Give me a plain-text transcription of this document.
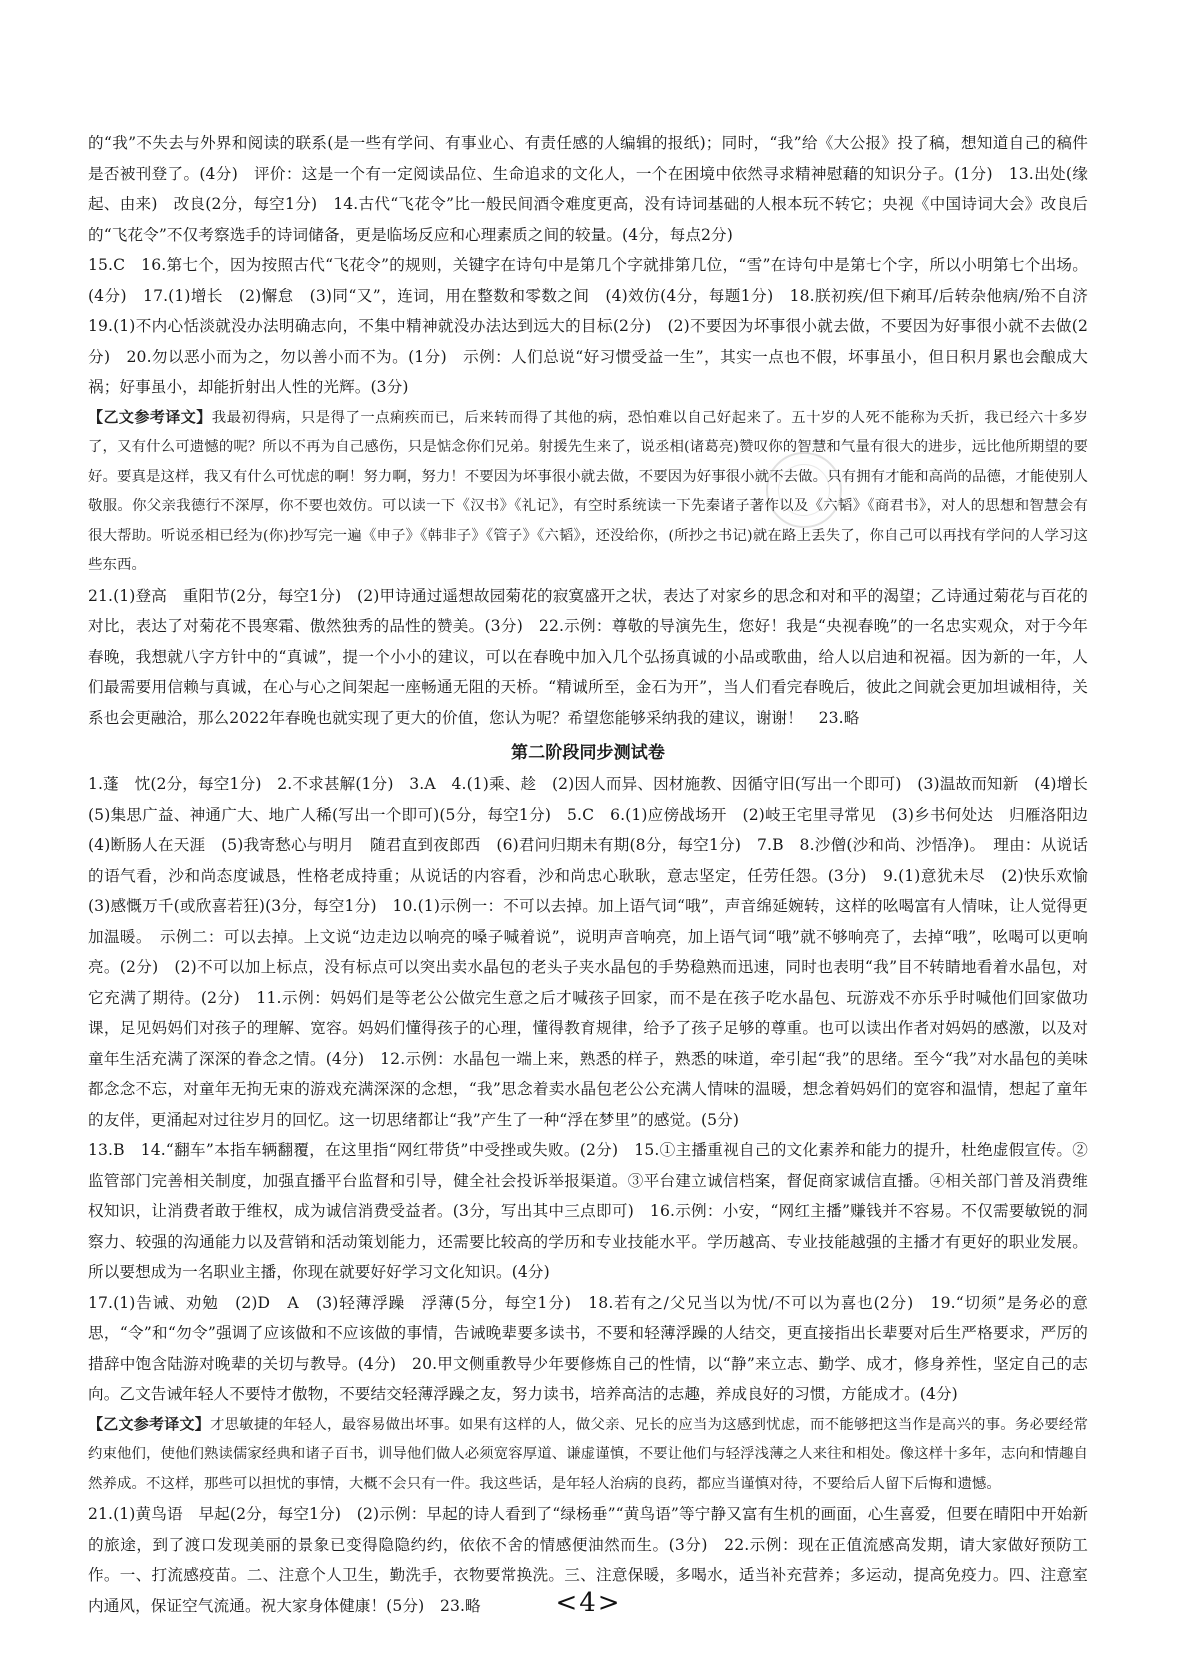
的“我”不失去与外界和阅读的联系(是一些有学问、有事业心、有责任感的人编辑的报纸)；同时，“我”给《大公报》投了稿，想知道自己的稿件是否被刊登了。(4分)　评价：这是一个有一定阅读品位、生命追求的文化人，一个在困境中依然寻求精神慰藉的知识分子。(1分)　13.出处(缘起、由来)　改良(2分，每空1分)　14.古代“飞花令”比一般民间酒令难度更高，没有诗词基础的人根本玩不转它；央视《中国诗词大会》改良后的“飞花令”不仅考察选手的诗词储备，更是临场反应和心理素质之间的较量。(4分，每点2分)

15.C　16.第七个，因为按照古代“飞花令”的规则，关键字在诗句中是第几个字就排第几位，“雪”在诗句中是第七个字，所以小明第七个出场。(4分)　17.(1)增长　(2)懈怠　(3)同“又”，连词，用在整数和零数之间　(4)效仿(4分，每题1分)　18.朕初疾/但下痢耳/后转杂他病/殆不自济　19.(1)不内心恬淡就没办法明确志向，不集中精神就没办法达到远大的目标(2分)　(2)不要因为坏事很小就去做，不要因为好事很小就不去做(2分)　20.勿以恶小而为之，勿以善小而不为。(1分)　示例：人们总说“好习惯受益一生”，其实一点也不假，坏事虽小，但日积月累也会酿成大祸；好事虽小，却能折射出人性的光辉。(3分)

【乙文参考译文】我最初得病，只是得了一点痢疾而已，后来转而得了其他的病，恐怕难以自己好起来了。五十岁的人死不能称为夭折，我已经六十多岁了，又有什么可遗憾的呢？所以不再为自己感伤，只是惦念你们兄弟。射援先生来了，说丞相(诸葛亮)赞叹你的智慧和气量有很大的进步，远比他所期望的要好。要真是这样，我又有什么可忧虑的啊！努力啊，努力！不要因为坏事很小就去做，不要因为好事很小就不去做。只有拥有才能和高尚的品德，才能使别人敬服。你父亲我德行不深厚，你不要也效仿。可以读一下《汉书》《礼记》，有空时系统读一下先秦诸子著作以及《六韬》《商君书》，对人的思想和智慧会有很大帮助。听说丞相已经为(你)抄写完一遍《申子》《韩非子》《管子》《六韬》，还没给你，(所抄之书记)就在路上丢失了，你自己可以再找有学问的人学习这些东西。

21.(1)登高　重阳节(2分，每空1分)　(2)甲诗通过遥想故园菊花的寂寞盛开之状，表达了对家乡的思念和对和平的渴望；乙诗通过菊花与百花的对比，表达了对菊花不畏寒霜、傲然独秀的品性的赞美。(3分)　22.示例：尊敬的导演先生，您好！我是“央视春晚”的一名忠实观众，对于今年春晚，我想就八字方针中的“真诚”，提一个小小的建议，可以在春晚中加入几个弘扬真诚的小品或歌曲，给人以启迪和祝福。因为新的一年，人们最需要用信赖与真诚，在心与心之间架起一座畅通无阻的天桥。“精诚所至，金石为开”，当人们看完春晚后，彼此之间就会更加坦诚相待，关系也会更融洽，那么2022年春晚也就实现了更大的价值，您认为呢？希望您能够采纳我的建议，谢谢！　23.略

第二阶段同步测试卷

1.蓬　忱(2分，每空1分)　2.不求甚解(1分)　3.A　4.(1)乘、趁　(2)因人而异、因材施教、因循守旧(写出一个即可)　(3)温故而知新　(4)增长　(5)集思广益、神通广大、地广人稀(写出一个即可)(5分，每空1分)　5.C　6.(1)应傍战场开　(2)岐王宅里寻常见　(3)乡书何处达　归雁洛阳边　(4)断肠人在天涯　(5)我寄愁心与明月　随君直到夜郎西　(6)君问归期未有期(8分，每空1分)　7.B　8.沙僧(沙和尚、沙悟净)。　理由：从说话的语气看，沙和尚态度诚恳，性格老成持重；从说话的内容看，沙和尚忠心耿耿，意志坚定，任劳任怨。(3分)　9.(1)意犹未尽　(2)快乐欢愉　(3)感慨万千(或欣喜若狂)(3分，每空1分)　10.(1)示例一：不可以去掉。加上语气词“哦”，声音绵延婉转，这样的吆喝富有人情味，让人觉得更加温暖。　示例二：可以去掉。上文说“边走边以响亮的嗓子喊着说”，说明声音响亮，加上语气词“哦”就不够响亮了，去掉“哦”，吆喝可以更响亮。(2分)　(2)不可以加上标点，没有标点可以突出卖水晶包的老头子夹水晶包的手势稳熟而迅速，同时也表明“我”目不转睛地看着水晶包，对它充满了期待。(2分)　11.示例：妈妈们是等老公公做完生意之后才喊孩子回家，而不是在孩子吃水晶包、玩游戏不亦乐乎时喊他们回家做功课，足见妈妈们对孩子的理解、宽容。妈妈们懂得孩子的心理，懂得教育规律，给予了孩子足够的尊重。也可以读出作者对妈妈的感激，以及对童年生活充满了深深的眷念之情。(4分)　12.示例：水晶包一端上来，熟悉的样子，熟悉的味道，牵引起“我”的思绪。至今“我”对水晶包的美味都念念不忘，对童年无拘无束的游戏充满深深的念想，“我”思念着卖水晶包老公公充满人情味的温暖，想念着妈妈们的宽容和温情，想起了童年的友伴，更涌起对过往岁月的回忆。这一切思绪都让“我”产生了一种“浮在梦里”的感觉。(5分)

13.B　14.“翻车”本指车辆翻覆，在这里指“网红带货”中受挫或失败。(2分)　15.①主播重视自己的文化素养和能力的提升，杜绝虚假宣传。②监管部门完善相关制度，加强直播平台监督和引导，健全社会投诉举报渠道。③平台建立诚信档案，督促商家诚信直播。④相关部门普及消费维权知识，让消费者敢于维权，成为诚信消费受益者。(3分，写出其中三点即可)　16.示例：小安，“网红主播”赚钱并不容易。不仅需要敏锐的洞察力、较强的沟通能力以及营销和活动策划能力，还需要比较高的学历和专业技能水平。学历越高、专业技能越强的主播才有更好的职业发展。所以要想成为一名职业主播，你现在就要好好学习文化知识。(4分)

17.(1)告诫、劝勉　(2)D　A　(3)轻薄浮躁　浮薄(5分，每空1分)　18.若有之/父兄当以为忧/不可以为喜也(2分)　19.“切须”是务必的意思，“令”和“勿令”强调了应该做和不应该做的事情，告诫晚辈要多读书，不要和轻薄浮躁的人结交，更直接指出长辈要对后生严格要求，严厉的措辞中饱含陆游对晚辈的关切与教导。(4分)　20.甲文侧重教导少年要修炼自己的性情，以“静”来立志、勤学、成才，修身养性，坚定自己的志向。乙文告诫年轻人不要恃才傲物，不要结交轻薄浮躁之友，努力读书，培养高洁的志趣，养成良好的习惯，方能成才。(4分)

【乙文参考译文】才思敏捷的年轻人，最容易做出坏事。如果有这样的人，做父亲、兄长的应当为这感到忧虑，而不能够把这当作是高兴的事。务必要经常约束他们，使他们熟读儒家经典和诸子百书，训导他们做人必须宽容厚道、谦虚谨慎，不要让他们与轻浮浅薄之人来往和相处。像这样十多年，志向和情趣自然养成。不这样，那些可以担忧的事情，大概不会只有一件。我这些话，是年轻人治病的良药，都应当谨慎对待，不要给后人留下后悔和遗憾。

21.(1)黄鸟语　早起(2分，每空1分)　(2)示例：早起的诗人看到了“绿杨垂”“黄鸟语”等宁静又富有生机的画面，心生喜爱，但要在晴阳中开始新的旅途，到了渡口发现美丽的景象已变得隐隐约约，依依不舍的情感便油然而生。(3分)　22.示例：现在正值流感高发期，请大家做好预防工作。一、打流感疫苗。二、注意个人卫生，勤洗手，衣物要常换洗。三、注意保暖，多喝水，适当补充营养；多运动，提高免疫力。四、注意室内通风，保证空气流通。祝大家身体健康！(5分)　23.略	<4>
